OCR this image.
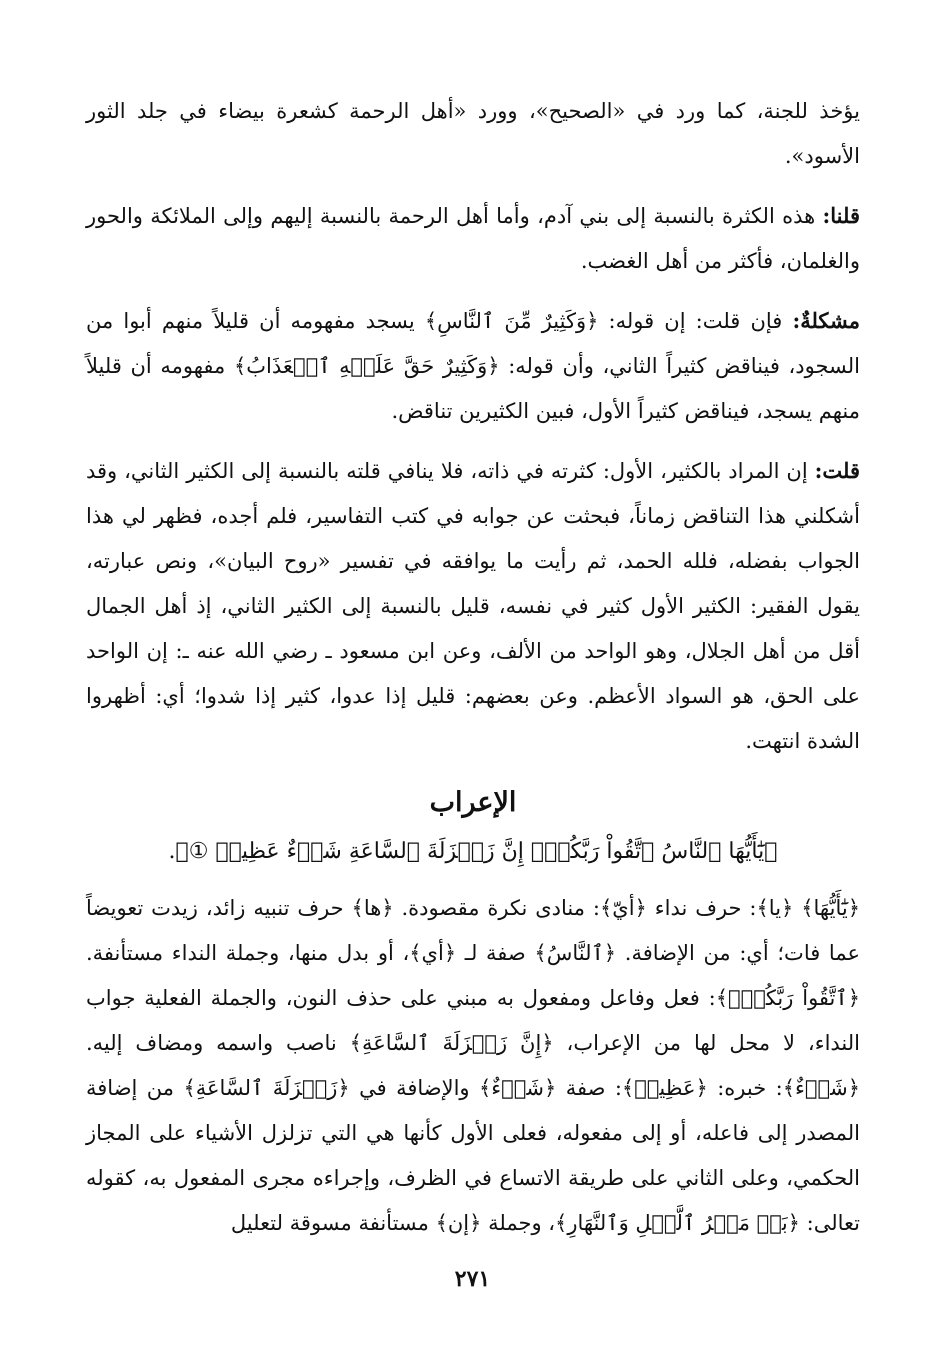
يؤخذ للجنة، كما ورد في «الصحيح»، وورد «أهل الرحمة كشعرة بيضاء في جلد الثور الأسود».

قلنا: هذه الكثرة بالنسبة إلى بني آدم، وأما أهل الرحمة بالنسبة إليهم وإلى الملائكة والحور والغلمان، فأكثر من أهل الغضب.

مشكلةٌ: فإن قلت: إن قوله: ﴿وَكَثِيرٌ مِّنَ ٱلنَّاسِ﴾ يسجد مفهومه أن قليلاً منهم أبوا من السجود، فيناقض كثيراً الثاني، وأن قوله: ﴿وَكَثِيرٌ حَقَّ عَلَيۡهِ ٱلۡعَذَابُ﴾ مفهومه أن قليلاً منهم يسجد، فيناقض كثيراً الأول، فبين الكثيرين تناقض.

قلت: إن المراد بالكثير، الأول: كثرته في ذاته، فلا ينافي قلته بالنسبة إلى الكثير الثاني، وقد أشكلني هذا التناقض زماناً، فبحثت عن جوابه في كتب التفاسير، فلم أجده، فظهر لي هذا الجواب بفضله، فلله الحمد، ثم رأيت ما يوافقه في تفسير «روح البيان»، ونص عبارته، يقول الفقير: الكثير الأول كثير في نفسه، قليل بالنسبة إلى الكثير الثاني، إذ أهل الجمال أقل من أهل الجلال، وهو الواحد من الألف، وعن ابن مسعود ـ رضي الله عنه ـ: إن الواحد على الحق، هو السواد الأعظم. وعن بعضهم: قليل إذا عدوا، كثير إذا شدوا؛ أي: أظهروا الشدة انتهت.

الإعراب
﴿يَٰٓأَيُّهَا ٱلنَّاسُ ٱتَّقُواْ رَبَّكُمۡۚ إِنَّ زَلۡزَلَةَ ٱلسَّاعَةِ شَيۡءٌ عَظِيمٞ ①﴾.

﴿يَٰٓأَيُّهَا﴾ ﴿يا﴾: حرف نداء ﴿أيّ﴾: منادى نكرة مقصودة. ﴿ها﴾ حرف تنبيه زائد، زيدت تعويضاً عما فات؛ أي: من الإضافة. ﴿ٱلنَّاسُ﴾ صفة لـ ﴿أي﴾، أو بدل منها، وجملة النداء مستأنفة. ﴿ٱتَّقُواْ رَبَّكُمۡۚ﴾: فعل وفاعل ومفعول به مبني على حذف النون، والجملة الفعلية جواب النداء، لا محل لها من الإعراب، ﴿إِنَّ زَلۡزَلَةَ ٱلسَّاعَةِ﴾ ناصب واسمه ومضاف إليه. ﴿شَيۡءٌ﴾: خبره: ﴿عَظِيمٞ﴾: صفة ﴿شَيۡءٌ﴾ والإضافة في ﴿زَلۡزَلَةَ ٱلسَّاعَةِ﴾ من إضافة المصدر إلى فاعله، أو إلى مفعوله، فعلى الأول كأنها هي التي تزلزل الأشياء على المجاز الحكمي، وعلى الثاني على طريقة الاتساع في الظرف، وإجراءه مجرى المفعول به، كقوله تعالى: ﴿بَلۡ مَكۡرُ ٱلَّيۡلِ وَٱلنَّهَارِ﴾، وجملة ﴿إن﴾ مستأنفة مسوقة لتعليل

٢٧١
